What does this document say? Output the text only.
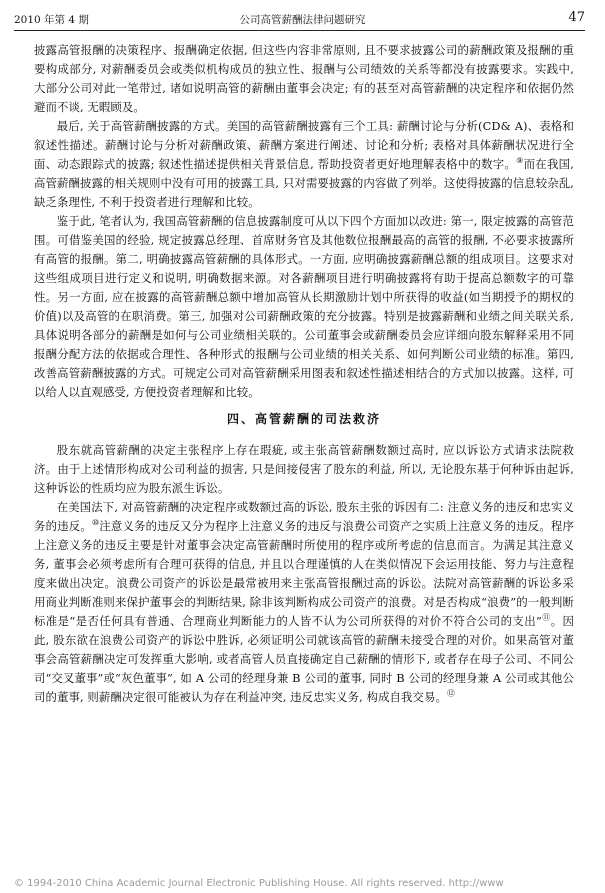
2010 年第 4 期	公司高管薪酬法律问题研究	47

披露高管报酬的决策程序、报酬确定依据, 但这些内容非常原则, 且不要求披露公司的薪酬政策及报酬的重要构成部分, 对薪酬委员会或类似机构成员的独立性、报酬与公司绩效的关系等都没有披露要求。实践中, 大部分公司对此一笔带过, 诸如说明高管的薪酬由董事会决定; 有的甚至对高管薪酬的决定程序和依据仍然避而不谈, 无暇顾及。

最后, 关于高管薪酬披露的方式。美国的高管薪酬披露有三个工具: 薪酬讨论与分析(CD& A)、表格和叙述性描述。薪酬讨论与分析对薪酬政策、薪酬方案进行阐述、讨论和分析; 表格对具体薪酬状况进行全面、动态跟踪式的披露; 叙述性描述提供相关背景信息, 帮助投资者更好地理解表格中的数字。⑨而在我国, 高管薪酬披露的相关规则中没有可用的披露工具, 只对需要披露的内容做了列举。这使得披露的信息较杂乱, 缺乏条理性, 不利于投资者进行理解和比较。

鉴于此, 笔者认为, 我国高管薪酬的信息披露制度可从以下四个方面加以改进: 第一, 限定披露的高管范围。可借鉴美国的经验, 规定披露总经理、首席财务官及其他数位报酬最高的高管的报酬, 不必要求披露所有高管的报酬。第二, 明确披露高管薪酬的具体形式。一方面, 应明确披露薪酬总额的组成项目。这要求对这些组成项目进行定义和说明, 明确数据来源。对各薪酬项目进行明确披露将有助于提高总额数字的可靠性。另一方面, 应在披露的高管薪酬总额中增加高管从长期激励计划中所获得的收益(如当期授予的期权的价值)以及高管的在职消费。第三, 加强对公司薪酬政策的充分披露。特别是披露薪酬和业绩之间关联关系, 具体说明各部分的薪酬是如何与公司业绩相关联的。公司董事会或薪酬委员会应详细向股东解释采用不同报酬分配方法的依据或合理性、各种形式的报酬与公司业绩的相关关系、如何判断公司业绩的标准。第四, 改善高管薪酬披露的方式。可规定公司对高管薪酬采用图表和叙述性描述相结合的方式加以披露。这样, 可以给人以直观感受, 方便投资者理解和比较。

四、高管薪酬的司法救济

股东就高管薪酬的决定主张程序上存在瑕疵, 或主张高管薪酬数额过高时, 应以诉讼方式请求法院救济。由于上述情形构成对公司利益的损害, 只是间接侵害了股东的利益, 所以, 无论股东基于何种诉由起诉, 这种诉讼的性质均应为股东派生诉讼。

在美国法下, 对高管薪酬的决定程序或数额过高的诉讼, 股东主张的诉因有二: 注意义务的违反和忠实义务的违反。⑩注意义务的违反又分为程序上注意义务的违反与浪费公司资产之实质上注意义务的违反。程序上注意义务的违反主要是针对董事会决定高管薪酬时所使用的程序或所考虑的信息而言。为满足其注意义务, 董事会必须考虑所有合理可获得的信息, 并且以合理谨慎的人在类似情况下会运用技能、努力与注意程度来做出决定。浪费公司资产的诉讼是最常被用来主张高管报酬过高的诉讼。法院对高管薪酬的诉讼多采用商业判断准则来保护董事会的判断结果, 除非该判断构成公司资产的浪费。对是否构成“浪费”的一般判断标准是“是否任何具有普通、合理商业判断能力的人皆不认为公司所获得的对价不符合公司的支出”⑪。因此, 股东欲在浪费公司资产的诉讼中胜诉, 必须证明公司就该高管的薪酬未接受合理的对价。如果高管对董事会高管薪酬决定可发挥重大影响, 或者高管人员直接确定自己薪酬的情形下, 或者存在母子公司、不同公司“交叉董事”或“灰色董事”, 如 A 公司的经理身兼 B 公司的董事, 同时 B 公司的经理身兼 A 公司或其他公司的董事, 则薪酬决定很可能被认为存在利益冲突, 违反忠实义务, 构成自我交易。⑫

© 1994-2010 China Academic Journal Electronic Publishing House. All rights reserved. http://www
